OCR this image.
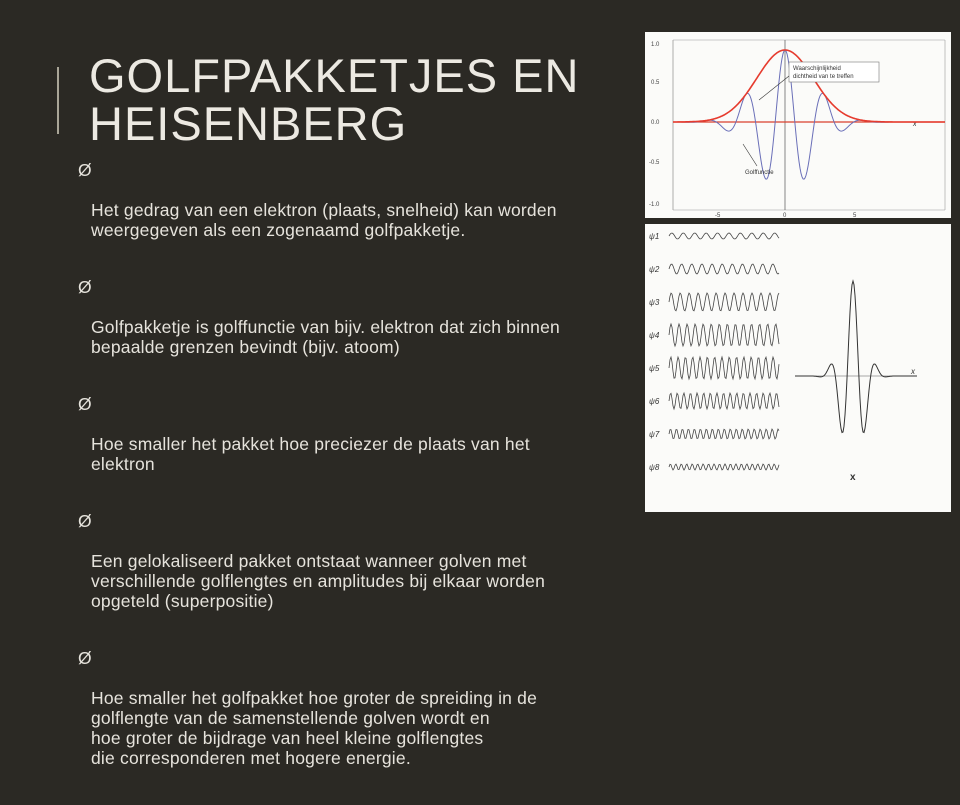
GOLFPAKKETJES EN HEISENBERG

Ø

Het gedrag van een elektron (plaats, snelheid) kan worden
weergegeven als een zogenaamd golfpakketje.

Ø

Golfpakketje is golffunctie van bijv. elektron dat zich binnen
bepaalde grenzen bevindt (bijv. atoom)

Ø

Hoe smaller het pakket hoe preciezer de plaats van het
elektron

Ø

Een gelokaliseerd pakket ontstaat wanneer golven met
verschillende golflengtes en amplitudes bij elkaar worden
opgeteld (superpositie)

Ø

Hoe smaller het golfpakket hoe groter de spreiding in de
golflengte van de samenstellende golven wordt en
hoe groter de bijdrage van heel kleine golflengtes
die corresponderen met hogere energie.

1.0
0.5
0.0
-0.5
-1.0
-5	0	5
x
Waarschijnlijkheid
dichtheid van te treffen
Golffunctie
ψ1
ψ2
ψ3
ψ4
ψ5
ψ6
ψ7
ψ8
x
x
